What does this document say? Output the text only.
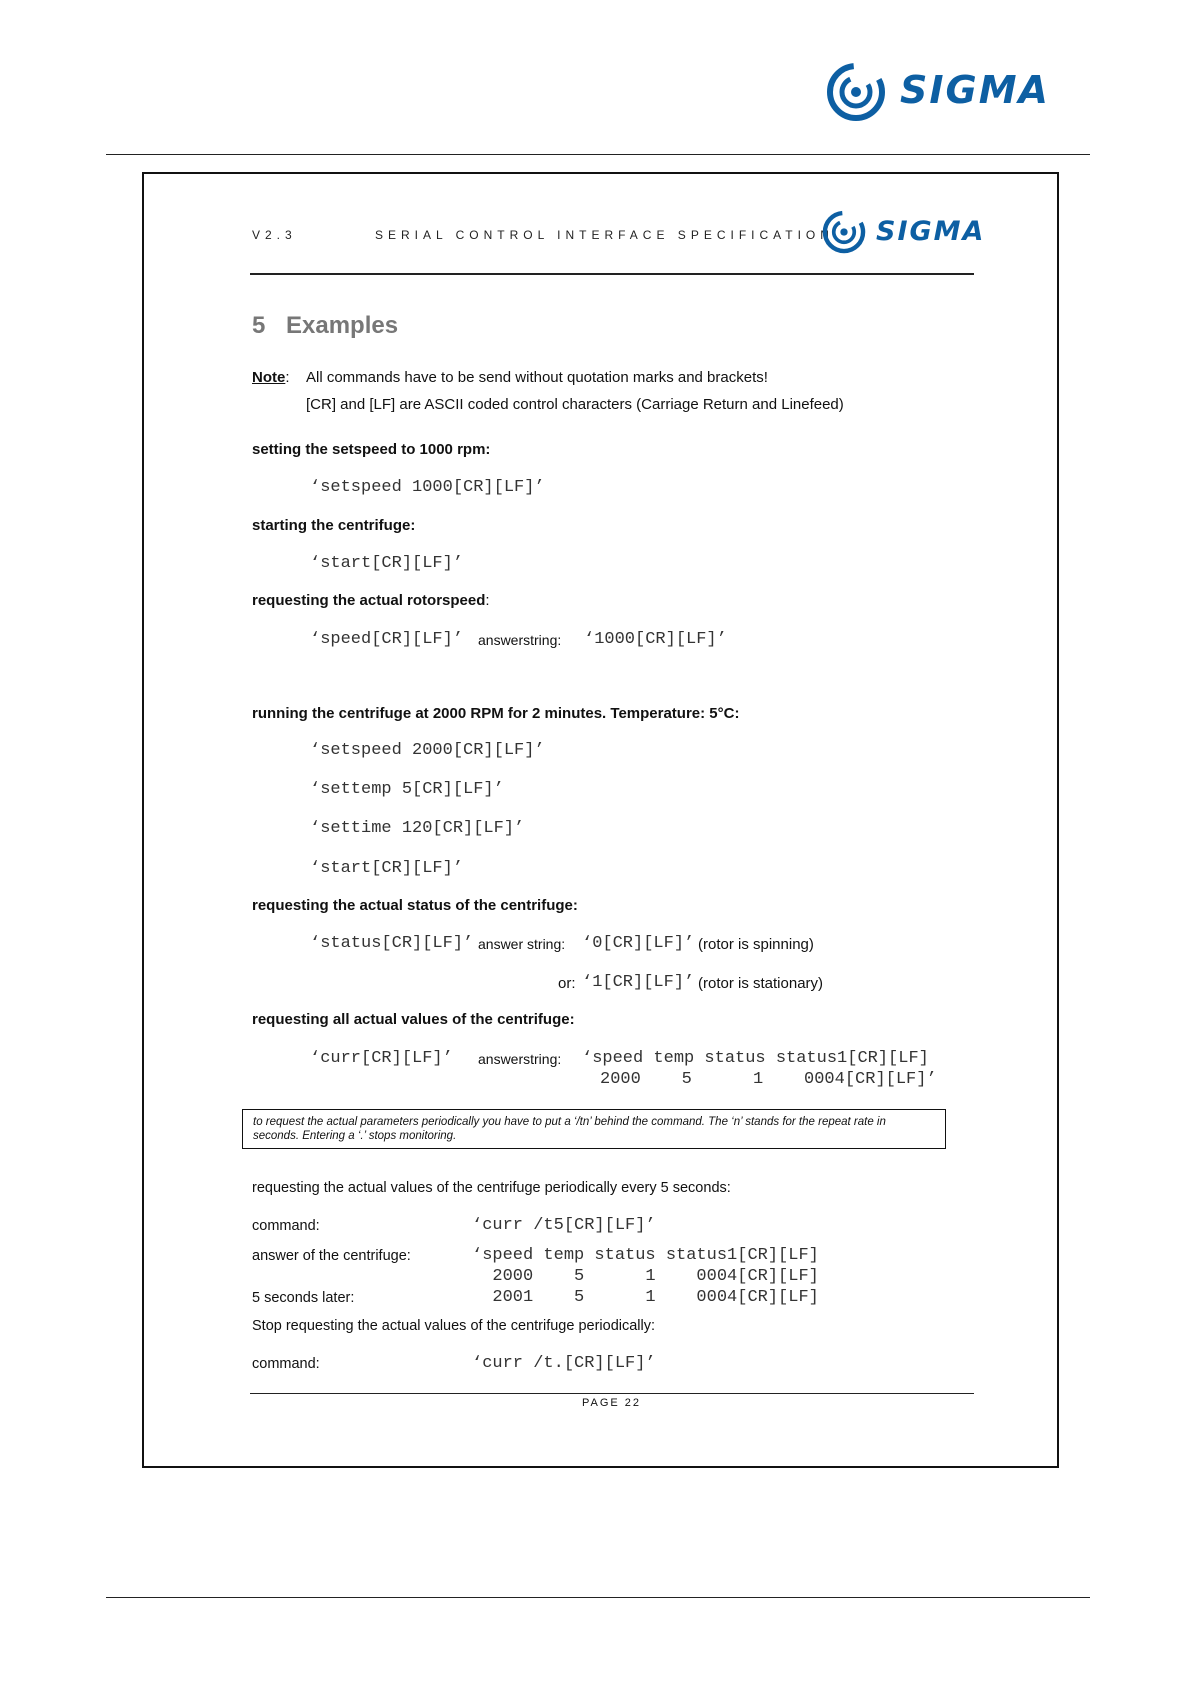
SIGMA
V2.3	SERIAL CONTROL INTERFACE SPECIFICATION SIGMA
5 Examples
Note: All commands have to be send without quotation marks and brackets!
[CR] and [LF] are ASCII coded control characters (Carriage Return and Linefeed)
setting the setspeed to 1000 rpm:
‘setspeed 1000[CR][LF]’
starting the centrifuge:
‘start[CR][LF]’
requesting the actual rotorspeed:
‘speed[CR][LF]’ answerstring: ‘1000[CR][LF]’
running the centrifuge at 2000 RPM for 2 minutes. Temperature: 5°C:
‘setspeed 2000[CR][LF]’
‘settemp 5[CR][LF]’
‘settime 120[CR][LF]’
‘start[CR][LF]’
requesting the actual status of the centrifuge:
‘status[CR][LF]’ answer string: ‘0[CR][LF]’ (rotor is spinning)
or: ‘1[CR][LF]’ (rotor is stationary)
requesting all actual values of the centrifuge:
‘curr[CR][LF]’ answerstring: ‘speed temp status status1[CR][LF]
2000    5      1    0004[CR][LF]’
to request the actual parameters periodically you have to put a ‘/tn’ behind the command. The ‘n’ stands for the repeat rate in seconds. Entering a ‘.’ stops monitoring.
requesting the actual values of the centrifuge periodically every 5 seconds:
command:	‘curr /t5[CR][LF]’
answer of the centrifuge:	‘speed temp status status1[CR][LF]
2000    5      1    0004[CR][LF]
5 seconds later:	2001    5      1    0004[CR][LF]
Stop requesting the actual values of the centrifuge periodically:
command:	‘curr /t.[CR][LF]’
PAGE 22
